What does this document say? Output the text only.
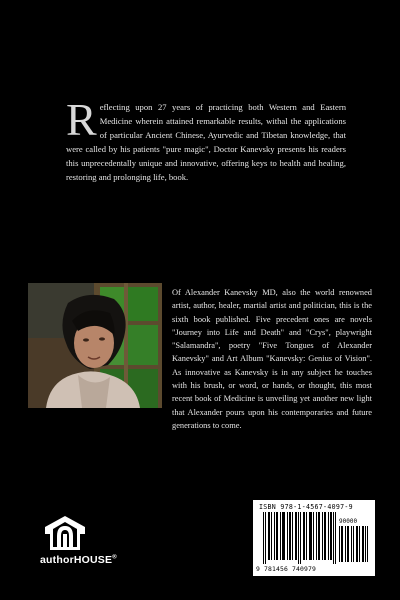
Reflecting upon 27 years of practicing both Western and Eastern Medicine wherein attained remarkable results, withal the applications of particular Ancient Chinese, Ayurvedic and Tibetan knowledge, that were called by his patients "pure magic", Doctor Kanevsky presents his readers this unprecedentally unique and innovative, offering keys to health and healing, restoring and prolonging life, book.
Of Alexander Kanevsky MD, also the world renowned artist, author, healer, martial artist and politician, this is the sixth book published. Five precedent ones are novels "Journey into Life and Death" and "Crys", playwright "Salamandra", poetry "Five Tongues of Alexander Kanevsky" and Art Album "Kanevsky: Genius of Vision". As innovative as Kanevsky is in any subject he touches with his brush, or word, or hands, or thought, this most recent book of Medicine is unveiling yet another new light that Alexander pours upon his contemporaries and future generations to come.
authorHOUSE®
ISBN 978-1-4567-4097-9
90000
9 781456 740979
